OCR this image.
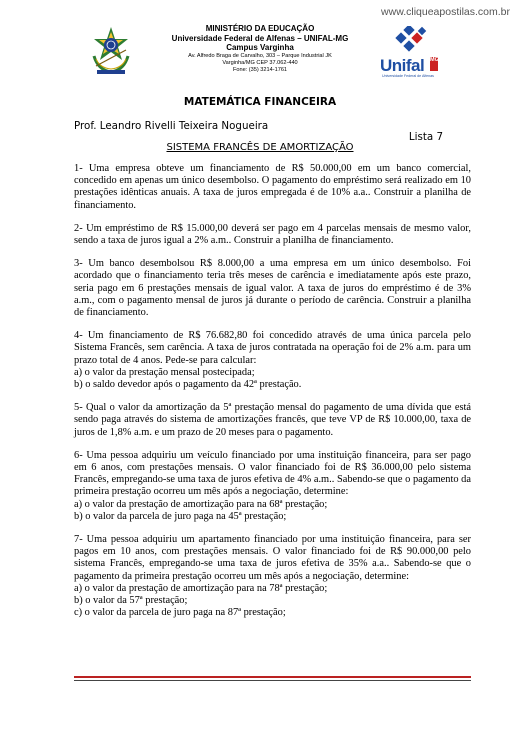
www.cliqueapostilas.com.br
MINISTÉRIO DA EDUCAÇÃO
Universidade Federal de Alfenas – UNIFAL-MG
Campus Varginha
Av. Alfredo Braga de Carvalho, 303 – Parque Industrial JK
Varginha/MG CEP 37.062-440
Fone: (35) 3214-1761	Unifal MG
Universidade Federal de Alfenas
MATEMÁTICA FINANCEIRA
Prof. Leandro Rivelli Teixeira Nogueira
Lista 7
SISTEMA FRANCÊS DE AMORTIZAÇÃO

1- Uma empresa obteve um financiamento de R$ 50.000,00 em um banco comercial, concedido em apenas um único desembolso. O pagamento do empréstimo será realizado em 10 prestações idênticas anuais. A taxa de juros empregada é de 10% a.a.. Construir a planilha de financiamento.

2- Um empréstimo de R$ 15.000,00 deverá ser pago em 4 parcelas mensais de mesmo valor, sendo a taxa de juros igual a 2% a.m.. Construir a planilha de financiamento.

3- Um banco desembolsou R$ 8.000,00 a uma empresa em um único desembolso. Foi acordado que o financiamento teria três meses de carência e imediatamente após este prazo, seria pago em 6 prestações mensais de igual valor. A taxa de juros do empréstimo é de 3% a.m., com o pagamento mensal de juros já durante o período de carência. Construir a planilha de financiamento.

4- Um financiamento de R$ 76.682,80 foi concedido através de uma única parcela pelo Sistema Francês, sem carência. A taxa de juros contratada na operação foi de 2% a.m. para um prazo total de 4 anos. Pede-se para calcular:
a) o valor da prestação mensal postecipada;
b) o saldo devedor após o pagamento da 42ª prestação.

5- Qual o valor da amortização da 5ª prestação mensal do pagamento de uma dívida que está sendo paga através do sistema de amortizações francês, que teve VP de R$ 10.000,00, taxa de juros de 1,8% a.m. e um prazo de 20 meses para o pagamento.

6- Uma pessoa adquiriu um veículo financiado por uma instituição financeira, para ser pago em 6 anos, com prestações mensais. O valor financiado foi de R$ 36.000,00 pelo sistema Francês, empregando-se uma taxa de juros efetiva de 4% a.m.. Sabendo-se que o pagamento da primeira prestação ocorreu um mês após a negociação, determine:
a) o valor da prestação de amortização para na 68ª prestação;
b) o valor da parcela de juro paga na 45ª prestação;

7- Uma pessoa adquiriu um apartamento financiado por uma instituição financeira, para ser pagos em 10 anos, com prestações mensais. O valor financiado foi de R$ 90.000,00 pelo sistema Francês, empregando-se uma taxa de juros efetiva de 35% a.a.. Sabendo-se que o pagamento da primeira prestação ocorreu um mês após a negociação, determine:
a) o valor da prestação de amortização para na 78ª prestação;
b) o valor da 57ª prestação;
c) o valor da parcela de juro paga na 87ª prestação;
